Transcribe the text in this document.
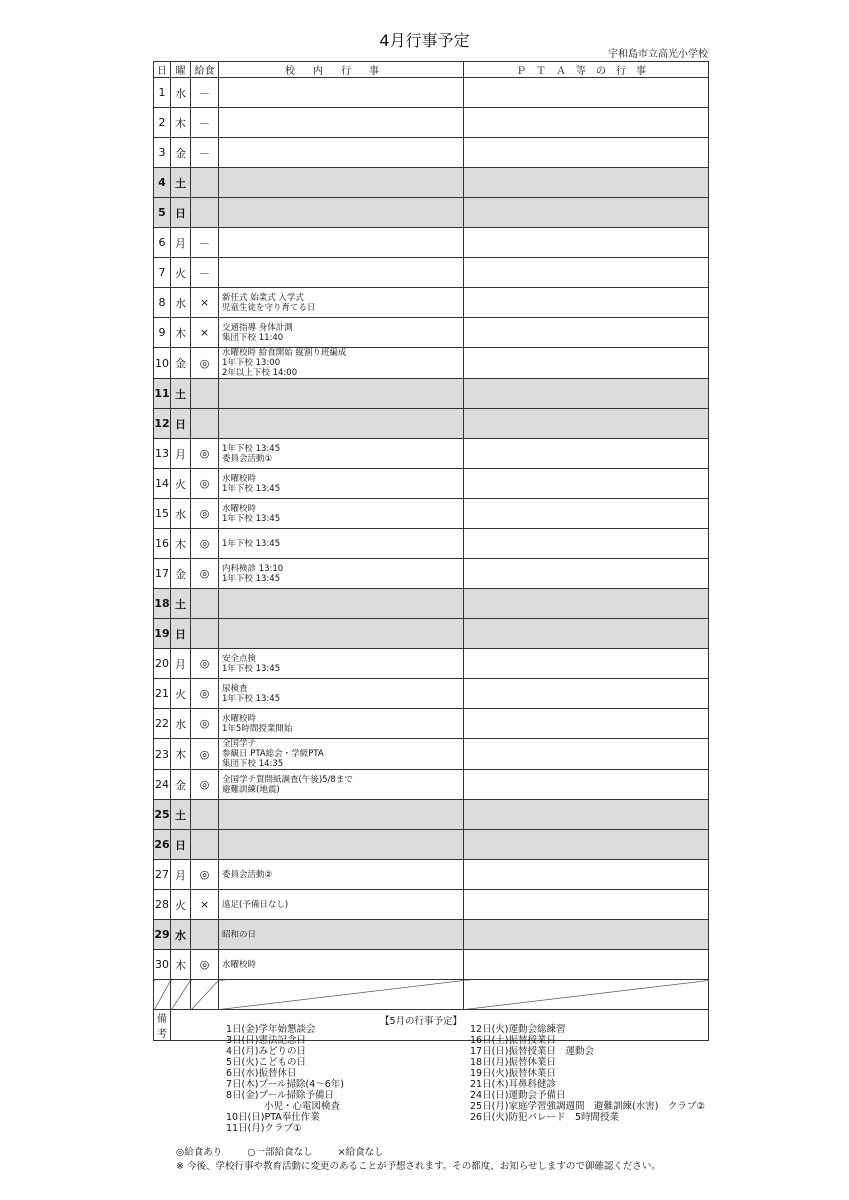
4月行事予定
宇和島市立高光小学校
日	曜	給食	校内行事	ＰＴＡ等の行事
1	水	－		
2	木	－		
3	金	－		
4	土			
5	日			
6	月	－		
7	火	－		
8	水	×	新任式 始業式 入学式
児童生徒を守り育てる日	
9	木	×	交通指導 身体計測
集団下校 11:40	
10	金	◎	水曜校時 給食開始 縦割り班編成
1年下校 13:00
2年以上下校 14:00	
11	土			
12	日			
13	月	◎	1年下校 13:45
委員会活動①	
14	火	◎	水曜校時
1年下校 13:45	
15	水	◎	水曜校時
1年下校 13:45	
16	木	◎	1年下校 13:45	
17	金	◎	内科検診 13:10
1年下校 13:45	
18	土			
19	日			
20	月	◎	安全点検
1年下校 13:45	
21	火	◎	尿検査
1年下校 13:45	
22	水	◎	水曜校時
1年5時間授業開始	
23	木	◎	全国学テ
参観日 PTA総会・学級PTA
集団下校 14:35	
24	金	◎	全国学テ質問紙調査(午後)5/8まで
避難訓練(地震)	
25	土			
26	日			
27	月	◎	委員会活動②	
28	火	×	遠足(予備日なし)	
29	水		昭和の日	
30	木	◎	水曜校時	

備考				
【5月の行事予定】
1日(金)学年始懇談会
3日(日)憲法記念日
4日(月)みどりの日
5日(火)こどもの日
6日(水)振替休日
7日(木)プール掃除(4～6年)
8日(金)プール掃除予備日
　　　　小児・心電図検査
10日(日)PTA奉仕作業
11日(月)クラブ①
12日(火)運動会総練習
16日(土)振替授業日
17日(日)振替授業日　運動会
18日(月)振替休業日
19日(火)振替休業日
21日(木)耳鼻科健診
24日(日)運動会予備日
25日(月)家庭学習強調週間　避難訓練(水害)　クラブ②
26日(火)防犯パレード　5時間授業
◎給食あり	○一部給食なし	×給食なし
※ 今後、学校行事や教育活動に変更のあることが予想されます。その都度、お知らせしますので御確認ください。
